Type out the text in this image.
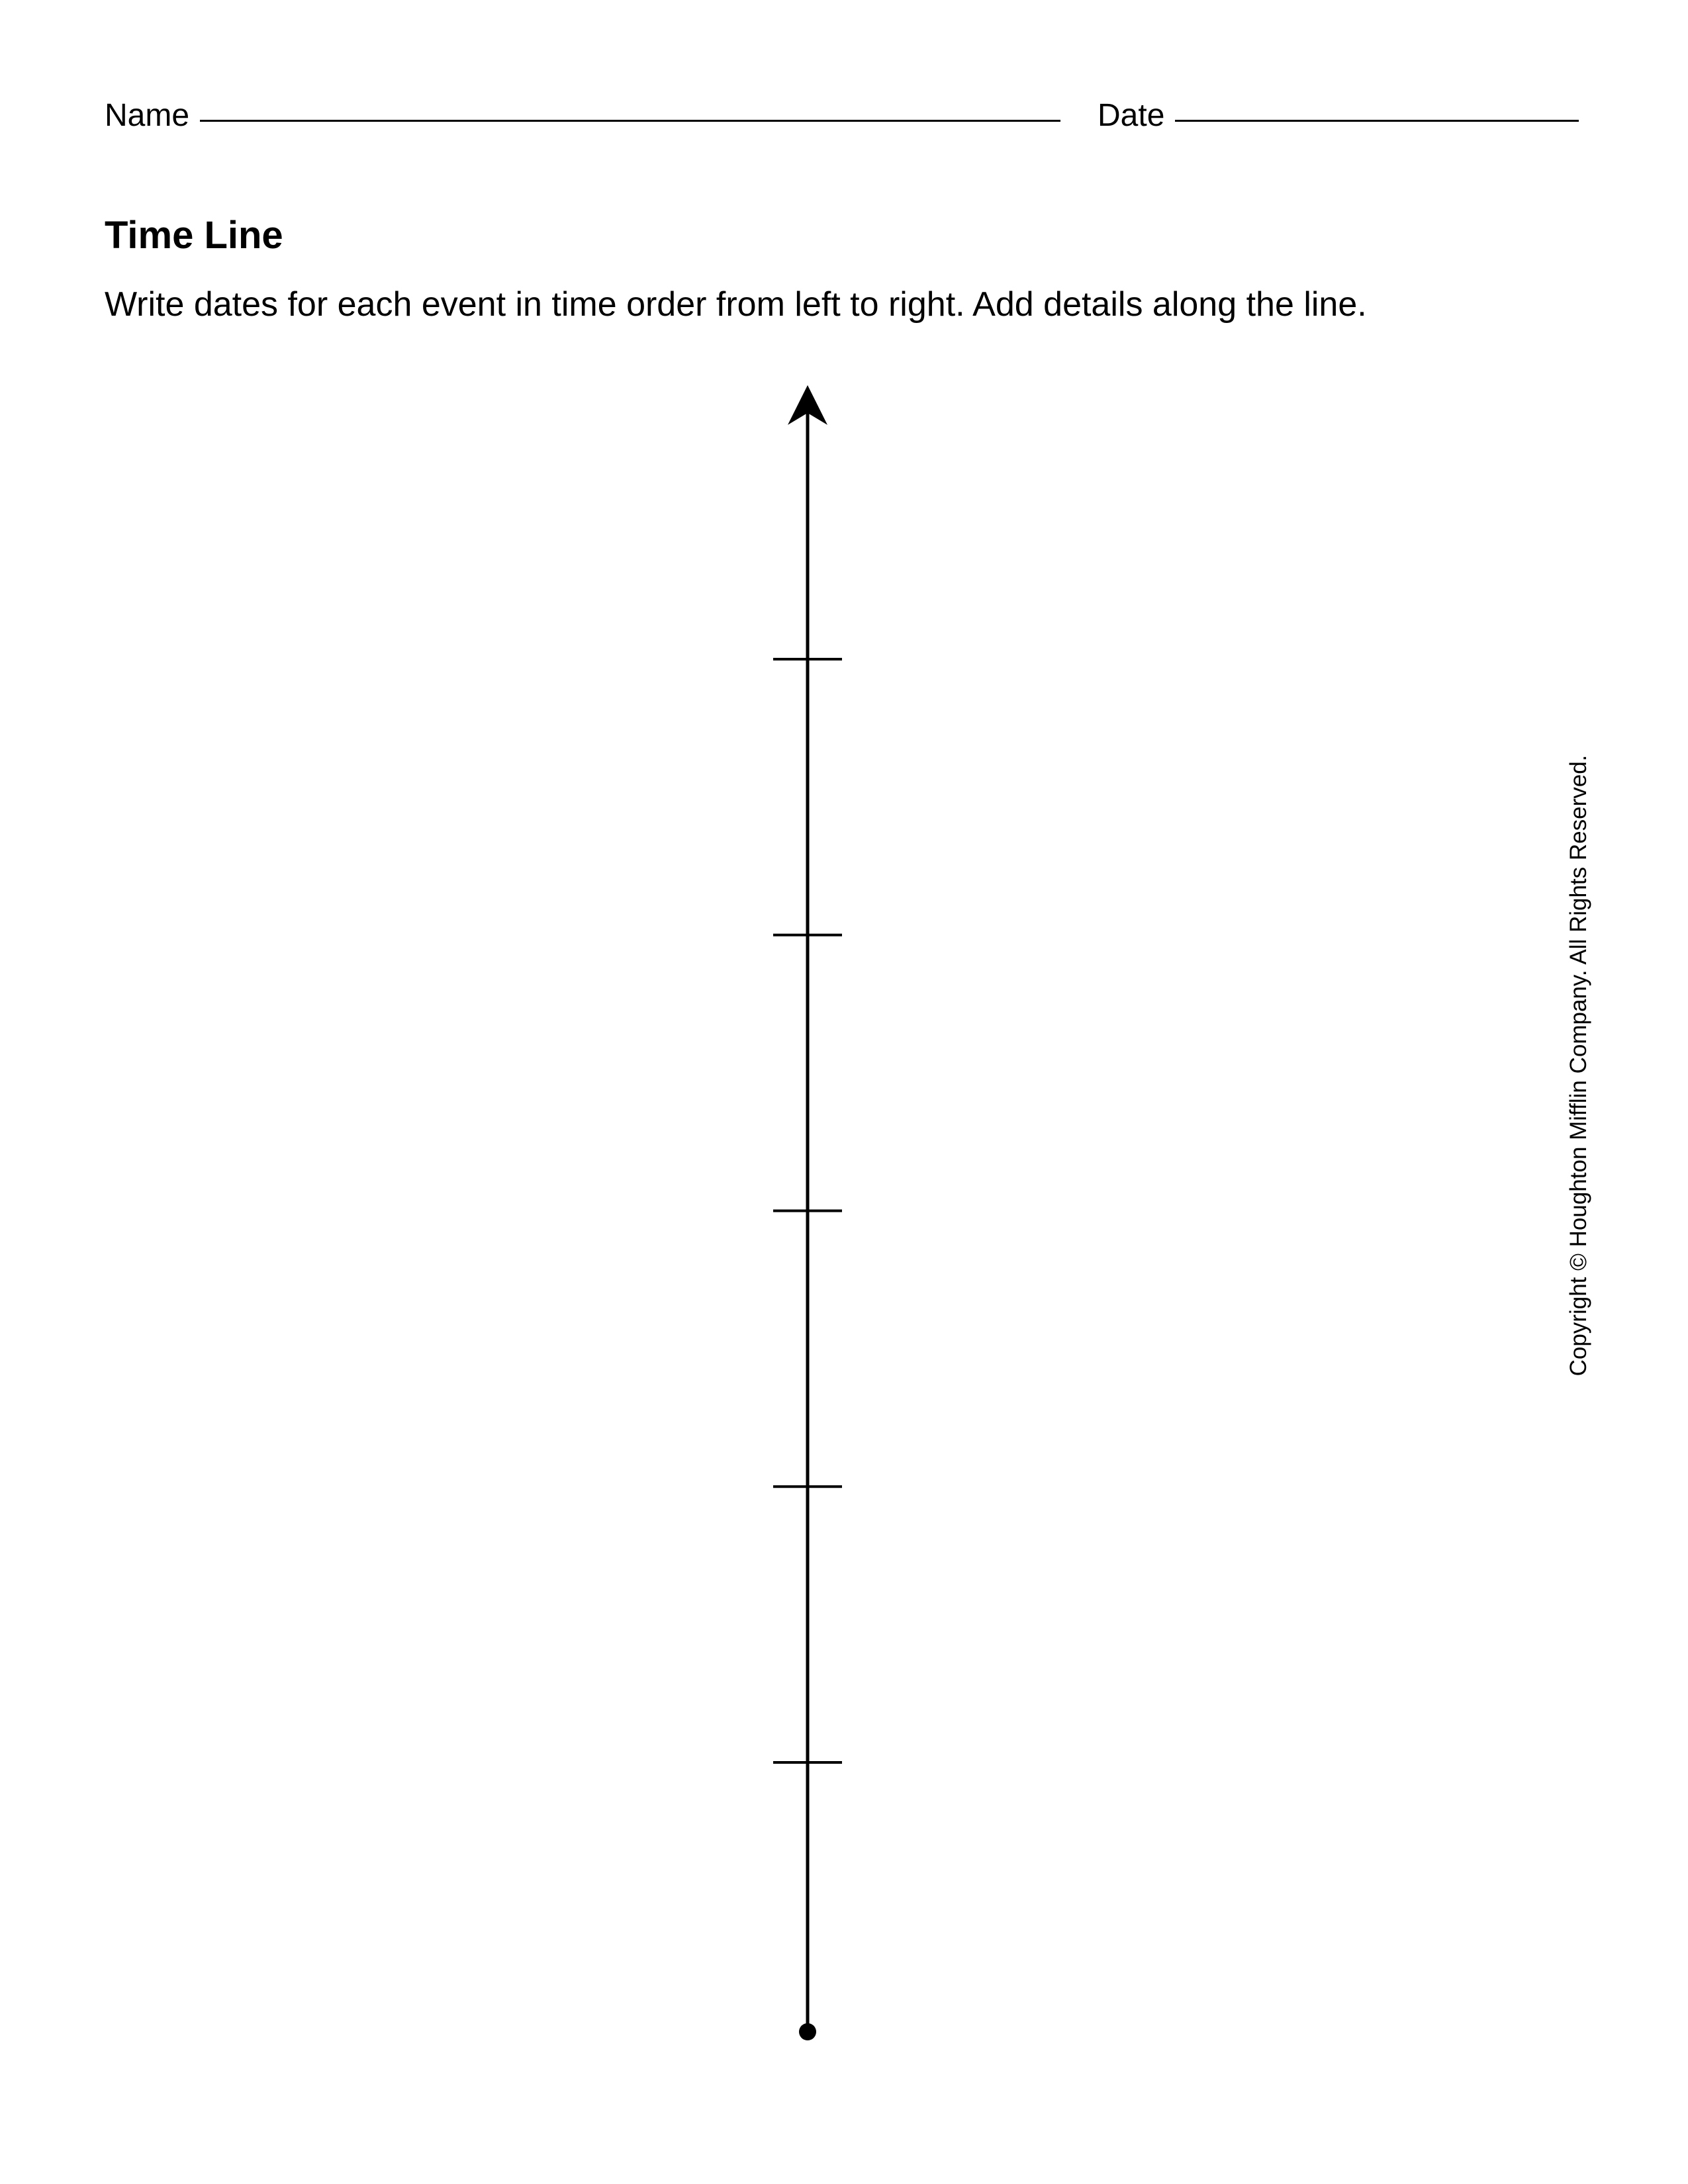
Name	Date
Time Line

Write dates for each event in time order from left to right. Add details along the line.

Copyright © Houghton Mifflin Company. All Rights Reserved.
